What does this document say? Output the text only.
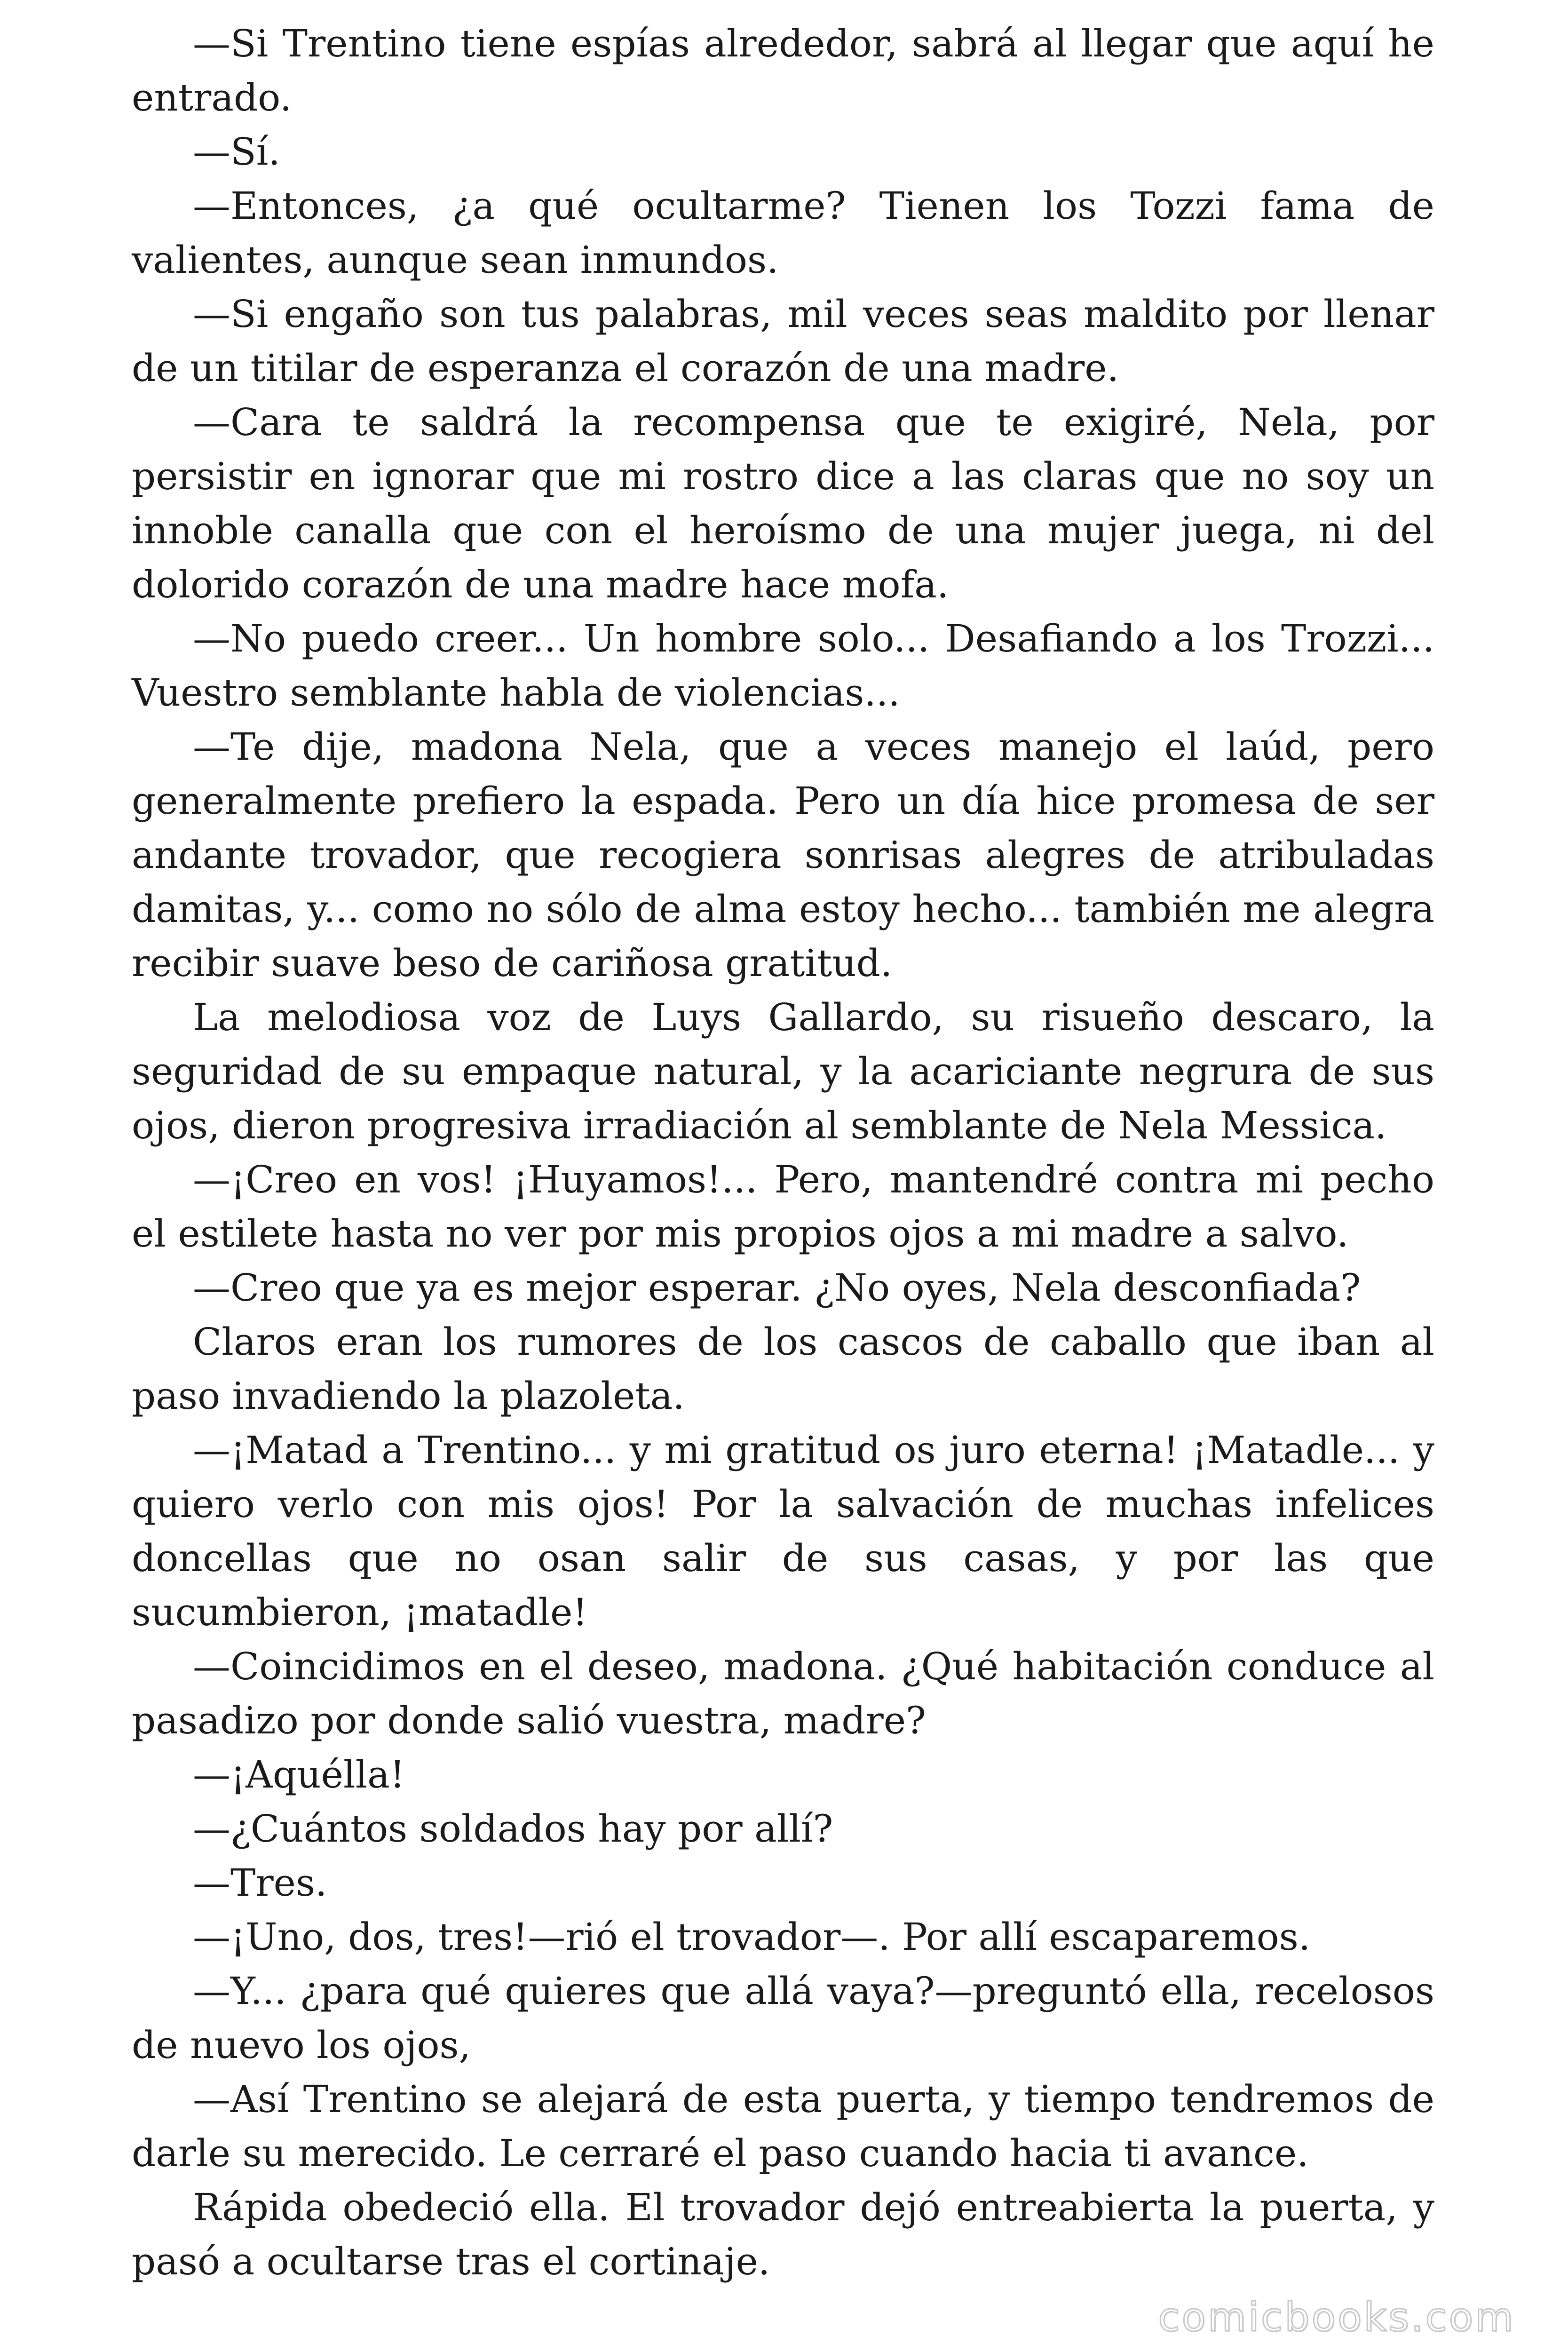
—Si Trentino tiene espías alrededor, sabrá al llegar que aquí he entrado.

—Sí.

—Entonces, ¿a qué ocultarme? Tienen los Tozzi fama de valientes, aunque sean inmundos.

—Si engaño son tus palabras, mil veces seas maldito por llenar de un titilar de esperanza el corazón de una madre.

—Cara te saldrá la recompensa que te exigiré, Nela, por persistir en ignorar que mi rostro dice a las claras que no soy un innoble canalla que con el heroísmo de una mujer juega, ni del dolorido corazón de una madre hace mofa.

—No puedo creer... Un hombre solo... Desafiando a los Trozzi... Vuestro semblante habla de violencias...

—Te dije, madona Nela, que a veces manejo el laúd, pero generalmente prefiero la espada. Pero un día hice promesa de ser andante trovador, que recogiera sonrisas alegres de atribuladas damitas, y... como no sólo de alma estoy hecho... también me alegra recibir suave beso de cariñosa gratitud.

La melodiosa voz de Luys Gallardo, su risueño descaro, la seguridad de su empaque natural, y la acariciante negrura de sus ojos, dieron progresiva irradiación al semblante de Nela Messica.

—¡Creo en vos! ¡Huyamos!... Pero, mantendré contra mi pecho el estilete hasta no ver por mis propios ojos a mi madre a salvo.

—Creo que ya es mejor esperar. ¿No oyes, Nela desconfiada?

Claros eran los rumores de los cascos de caballo que iban al paso invadiendo la plazoleta.

—¡Matad a Trentino... y mi gratitud os juro eterna! ¡Matadle... y quiero verlo con mis ojos! Por la salvación de muchas infelices doncellas que no osan salir de sus casas, y por las que sucumbieron, ¡matadle!

—Coincidimos en el deseo, madona. ¿Qué habitación conduce al pasadizo por donde salió vuestra, madre?

—¡Aquélla!

—¿Cuántos soldados hay por allí?

—Tres.

—¡Uno, dos, tres!—rió el trovador—. Por allí escaparemos.

—Y... ¿para qué quieres que allá vaya?—preguntó ella, recelosos de nuevo los ojos,

—Así Trentino se alejará de esta puerta, y tiempo tendremos de darle su merecido. Le cerraré el paso cuando hacia ti avance.

Rápida obedeció ella. El trovador dejó entreabierta la puerta, y pasó a ocultarse tras el cortinaje.

comicbooks.com
